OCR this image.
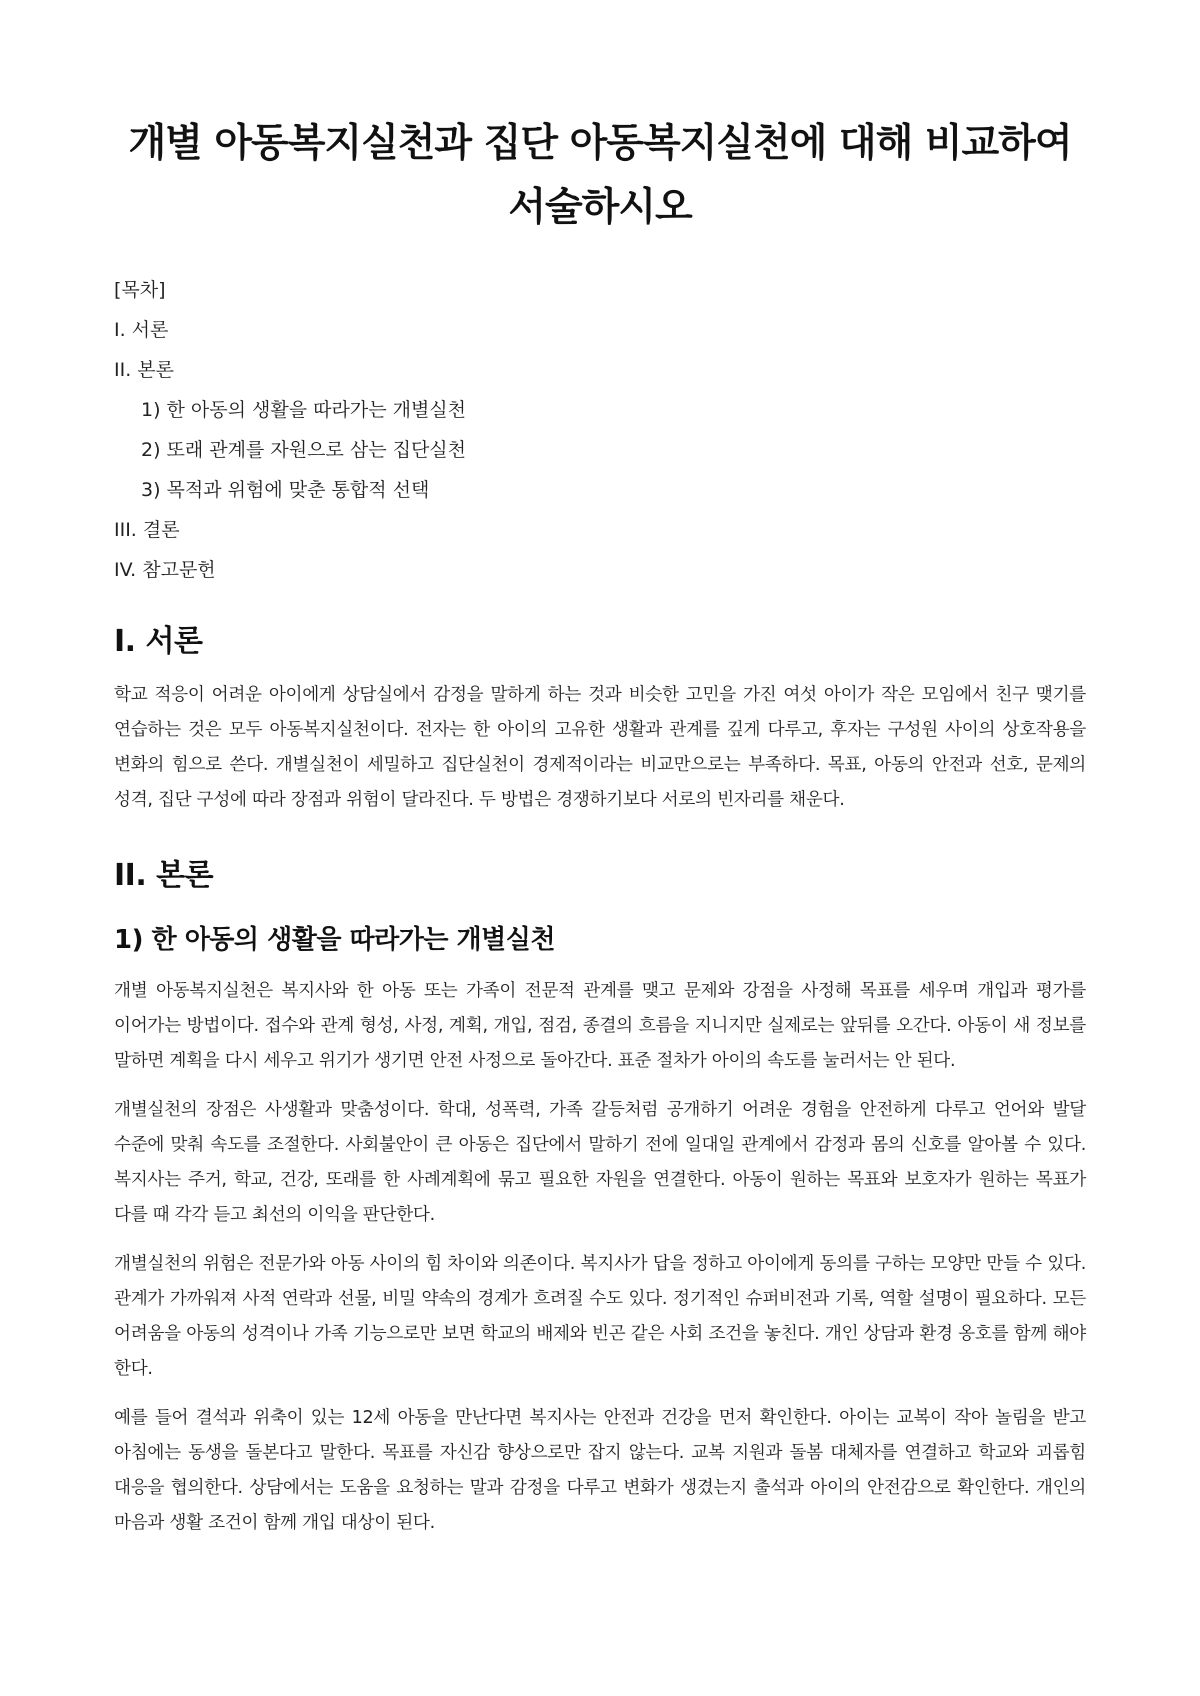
개별 아동복지실천과 집단 아동복지실천에 대해 비교하여 서술하시오
[목차]
I. 서론
II. 본론
1) 한 아동의 생활을 따라가는 개별실천
2) 또래 관계를 자원으로 삼는 집단실천
3) 목적과 위험에 맞춘 통합적 선택
III. 결론
IV. 참고문헌
I. 서론

학교 적응이 어려운 아이에게 상담실에서 감정을 말하게 하는 것과 비슷한 고민을 가진 여섯 아이가 작은 모임에서 친구 맺기를 연습하는 것은 모두 아동복지실천이다. 전자는 한 아이의 고유한 생활과 관계를 깊게 다루고, 후자는 구성원 사이의 상호작용을 변화의 힘으로 쓴다. 개별실천이 세밀하고 집단실천이 경제적이라는 비교만으로는 부족하다. 목표, 아동의 안전과 선호, 문제의 성격, 집단 구성에 따라 장점과 위험이 달라진다. 두 방법은 경쟁하기보다 서로의 빈자리를 채운다.

II. 본론
1) 한 아동의 생활을 따라가는 개별실천

개별 아동복지실천은 복지사와 한 아동 또는 가족이 전문적 관계를 맺고 문제와 강점을 사정해 목표를 세우며 개입과 평가를 이어가는 방법이다. 접수와 관계 형성, 사정, 계획, 개입, 점검, 종결의 흐름을 지니지만 실제로는 앞뒤를 오간다. 아동이 새 정보를 말하면 계획을 다시 세우고 위기가 생기면 안전 사정으로 돌아간다. 표준 절차가 아이의 속도를 눌러서는 안 된다.

개별실천의 장점은 사생활과 맞춤성이다. 학대, 성폭력, 가족 갈등처럼 공개하기 어려운 경험을 안전하게 다루고 언어와 발달 수준에 맞춰 속도를 조절한다. 사회불안이 큰 아동은 집단에서 말하기 전에 일대일 관계에서 감정과 몸의 신호를 알아볼 수 있다. 복지사는 주거, 학교, 건강, 또래를 한 사례계획에 묶고 필요한 자원을 연결한다. 아동이 원하는 목표와 보호자가 원하는 목표가 다를 때 각각 듣고 최선의 이익을 판단한다.

개별실천의 위험은 전문가와 아동 사이의 힘 차이와 의존이다. 복지사가 답을 정하고 아이에게 동의를 구하는 모양만 만들 수 있다. 관계가 가까워져 사적 연락과 선물, 비밀 약속의 경계가 흐려질 수도 있다. 정기적인 슈퍼비전과 기록, 역할 설명이 필요하다. 모든 어려움을 아동의 성격이나 가족 기능으로만 보면 학교의 배제와 빈곤 같은 사회 조건을 놓친다. 개인 상담과 환경 옹호를 함께 해야 한다.

예를 들어 결석과 위축이 있는 12세 아동을 만난다면 복지사는 안전과 건강을 먼저 확인한다. 아이는 교복이 작아 놀림을 받고 아침에는 동생을 돌본다고 말한다. 목표를 자신감 향상으로만 잡지 않는다. 교복 지원과 돌봄 대체자를 연결하고 학교와 괴롭힘 대응을 협의한다. 상담에서는 도움을 요청하는 말과 감정을 다루고 변화가 생겼는지 출석과 아이의 안전감으로 확인한다. 개인의 마음과 생활 조건이 함께 개입 대상이 된다.
